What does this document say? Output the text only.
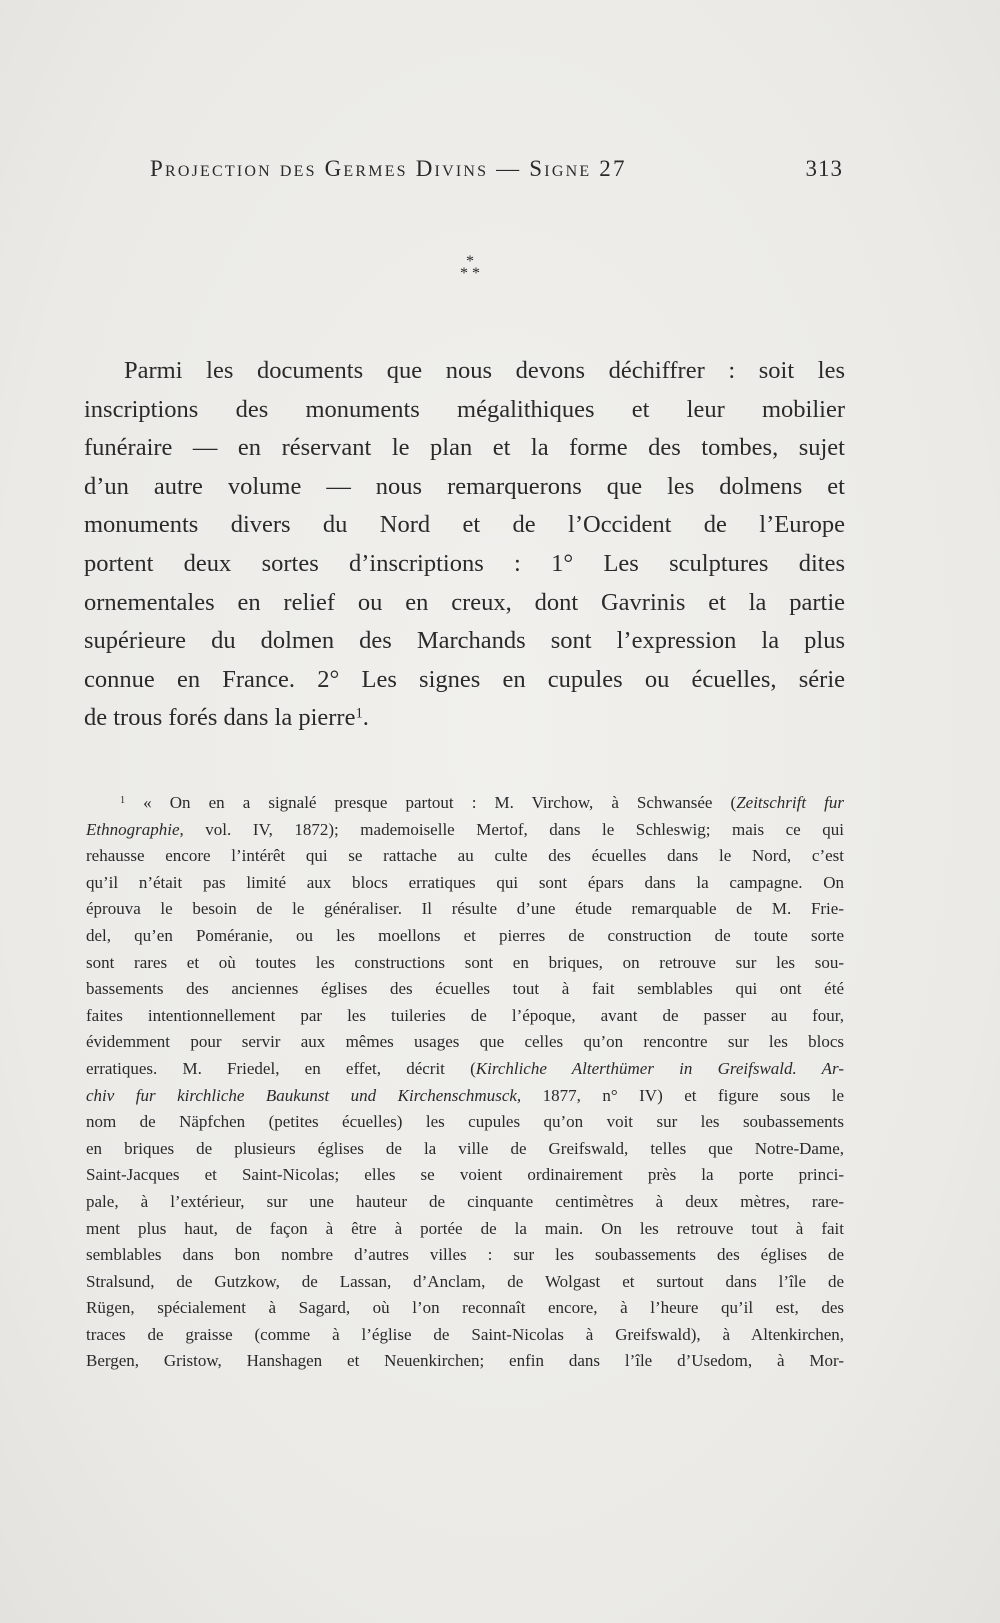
Projection des Germes Divins — Signe 27	313
*
* *
Parmi les documents que nous devons déchiffrer : soit les
inscriptions des monuments mégalithiques et leur mobilier
funéraire — en réservant le plan et la forme des tombes, sujet
d’un autre volume — nous remarquerons que les dolmens et
monuments divers du Nord et de l’Occident de l’Europe
portent deux sortes d’inscriptions : 1° Les sculptures dites
ornementales en relief ou en creux, dont Gavrinis et la partie
supérieure du dolmen des Marchands sont l’expression la plus
connue en France. 2° Les signes en cupules ou écuelles, série
de trous forés dans la pierre$^1$.
$^1$ « On en a signalé presque partout : M. Virchow, à Schwansée (Zeitschrift fur
Ethnographie, vol. IV, 1872); mademoiselle Mertof, dans le Schleswig; mais ce qui
rehausse encore l’intérêt qui se rattache au culte des écuelles dans le Nord, c’est
qu’il n’était pas limité aux blocs erratiques qui sont épars dans la campagne. On
éprouva le besoin de le généraliser. Il résulte d’une étude remarquable de M. Frie-
del, qu’en Poméranie, ou les moellons et pierres de construction de toute sorte
sont rares et où toutes les constructions sont en briques, on retrouve sur les sou-
bassements des anciennes églises des écuelles tout à fait semblables qui ont été
faites intentionnellement par les tuileries de l’époque, avant de passer au four,
évidemment pour servir aux mêmes usages que celles qu’on rencontre sur les blocs
erratiques. M. Friedel, en effet, décrit (Kirchliche Alterthümer in Greifswald. Ar-
chiv fur kirchliche Baukunst und Kirchenschmusck, 1877, n° IV) et figure sous le
nom de Näpfchen (petites écuelles) les cupules qu’on voit sur les soubassements
en briques de plusieurs églises de la ville de Greifswald, telles que Notre-Dame,
Saint-Jacques et Saint-Nicolas; elles se voient ordinairement près la porte princi-
pale, à l’extérieur, sur une hauteur de cinquante centimètres à deux mètres, rare-
ment plus haut, de façon à être à portée de la main. On les retrouve tout à fait
semblables dans bon nombre d’autres villes : sur les soubassements des églises de
Stralsund, de Gutzkow, de Lassan, d’Anclam, de Wolgast et surtout dans l’île de
Rügen, spécialement à Sagard, où l’on reconnaît encore, à l’heure qu’il est, des
traces de graisse (comme à l’église de Saint-Nicolas à Greifswald), à Altenkirchen,
Bergen, Gristow, Hanshagen et Neuenkirchen; enfin dans l’île d’Usedom, à Mor-
